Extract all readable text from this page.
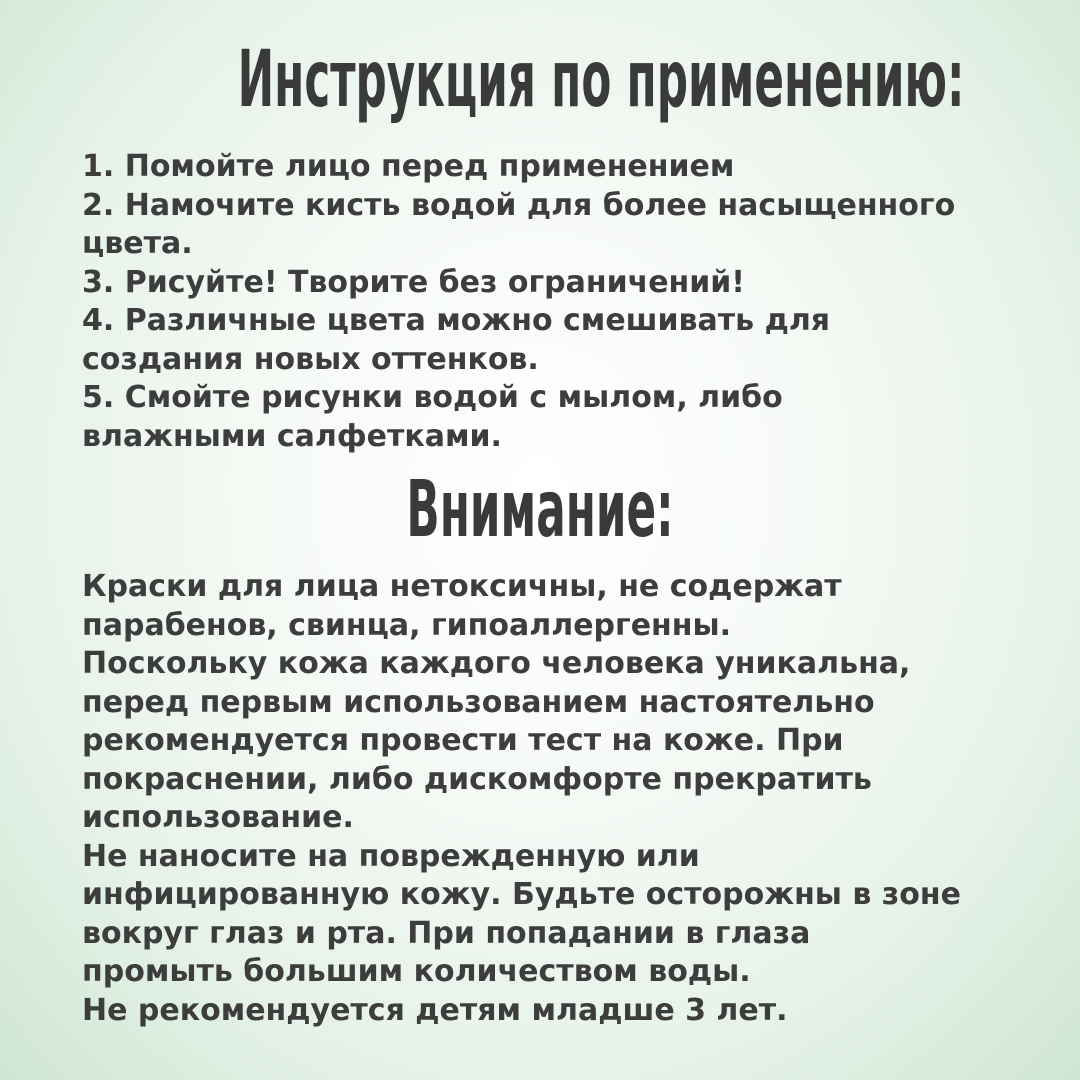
Инструкция по применению:

1. Помойте лицо перед применением

2. Намочите кисть водой для более насыщенного

цвета.

3. Рисуйте! Творите без ограничений!

4. Различные цвета можно смешивать для

создания новых оттенков.

5. Смойте рисунки водой с мылом, либо

влажными салфетками.

Внимание:

Краски для лица нетоксичны, не содержат

парабенов, свинца, гипоаллергенны.

Поскольку кожа каждого человека уникальна,

перед первым использованием настоятельно

рекомендуется провести тест на коже. При

покраснении, либо дискомфорте прекратить

использование.

Не наносите на поврежденную или

инфицированную кожу. Будьте осторожны в зоне

вокруг глаз и рта. При попадании в глаза

промыть большим количеством воды.

Не рекомендуется детям младше 3 лет.
